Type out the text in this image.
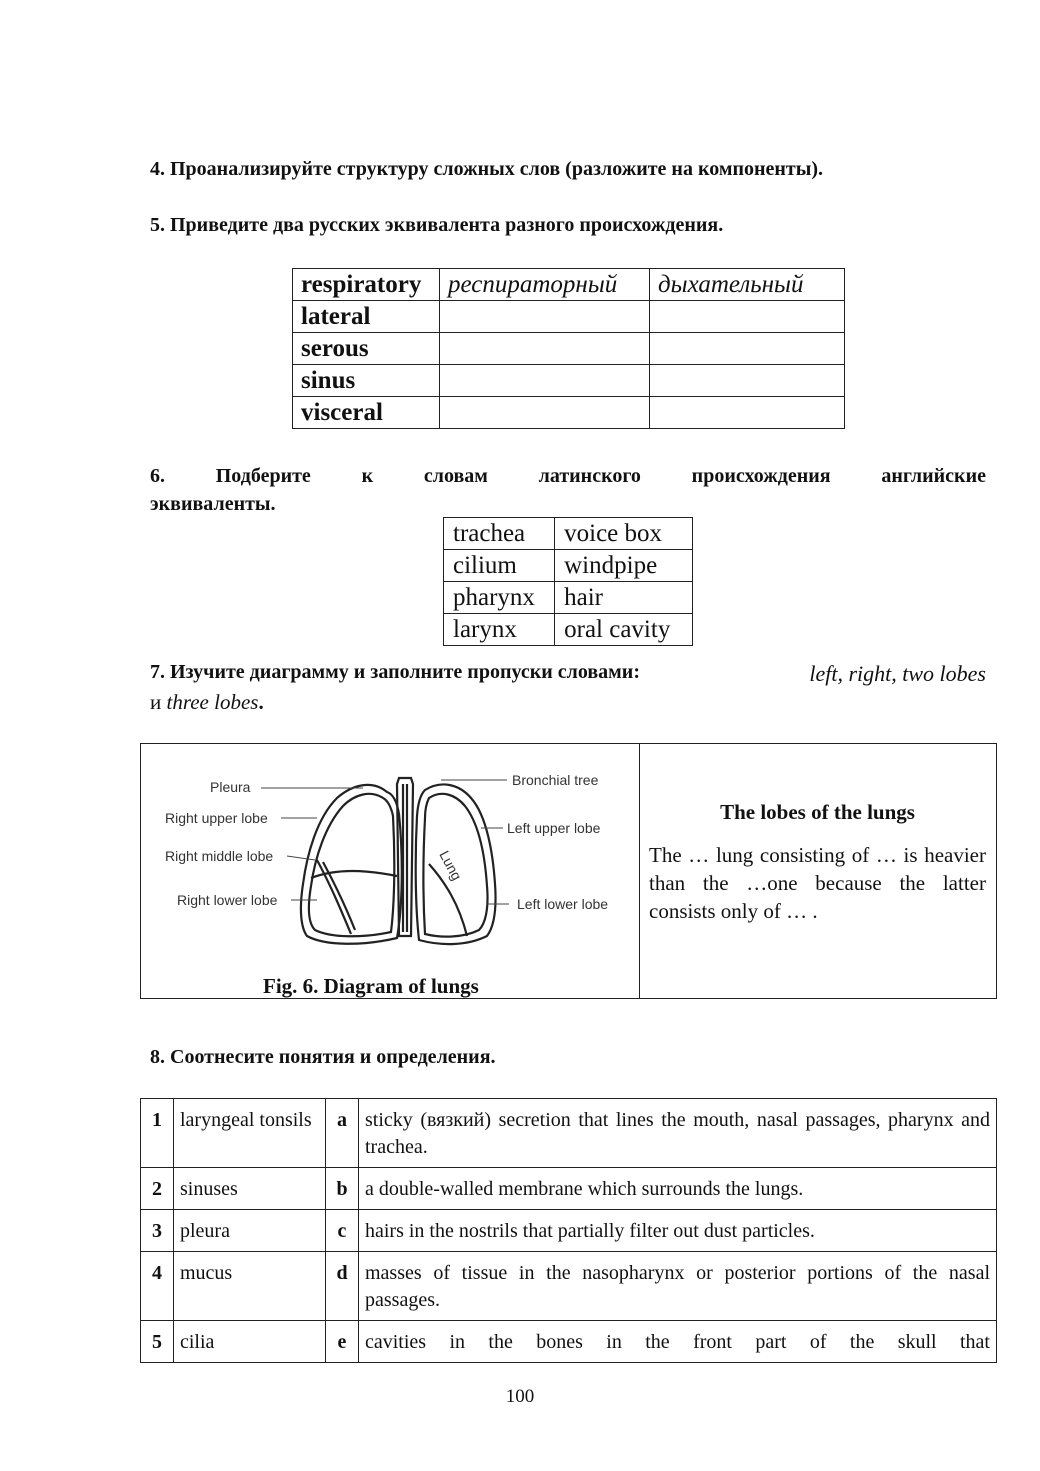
4. Проанализируйте структуру сложных слов (разложите на компоненты).
5. Приведите два русских эквивалента разного происхождения.
respiratory	респираторный	дыхательный
lateral		
serous		
sinus		
visceral		
6.	Подберите	к	словам	латинского	происхождения	английские
эквиваленты.
trachea	voice box
cilium	windpipe
pharynx	hair
larynx	oral cavity
7. Изучите диаграмму и заполните пропуски словами:	left, right, two lobes
и three lobes.
Pleura
Right upper lobe
Right middle lobe
Right lower lobe
Bronchial tree
Left upper lobe
Left lower lobe
Lung
Fig. 6. Diagram of lungs

The lobes of the lungs
The … lung consisting of … is heavier than the …one because the latter consists only of … .
8. Соотнесите понятия и определения.
1	laryngeal tonsils	a	sticky (вязкий) secretion that lines the mouth, nasal passages, pharynx and trachea.
2	sinuses	b	a double-walled membrane which surrounds the lungs.
3	pleura	c	hairs in the nostrils that partially filter out dust particles.
4	mucus	d	masses of tissue in the nasopharynx or posterior portions of the nasal passages.
5	cilia	e	cavities in the bones in the front part of the skull that
100
